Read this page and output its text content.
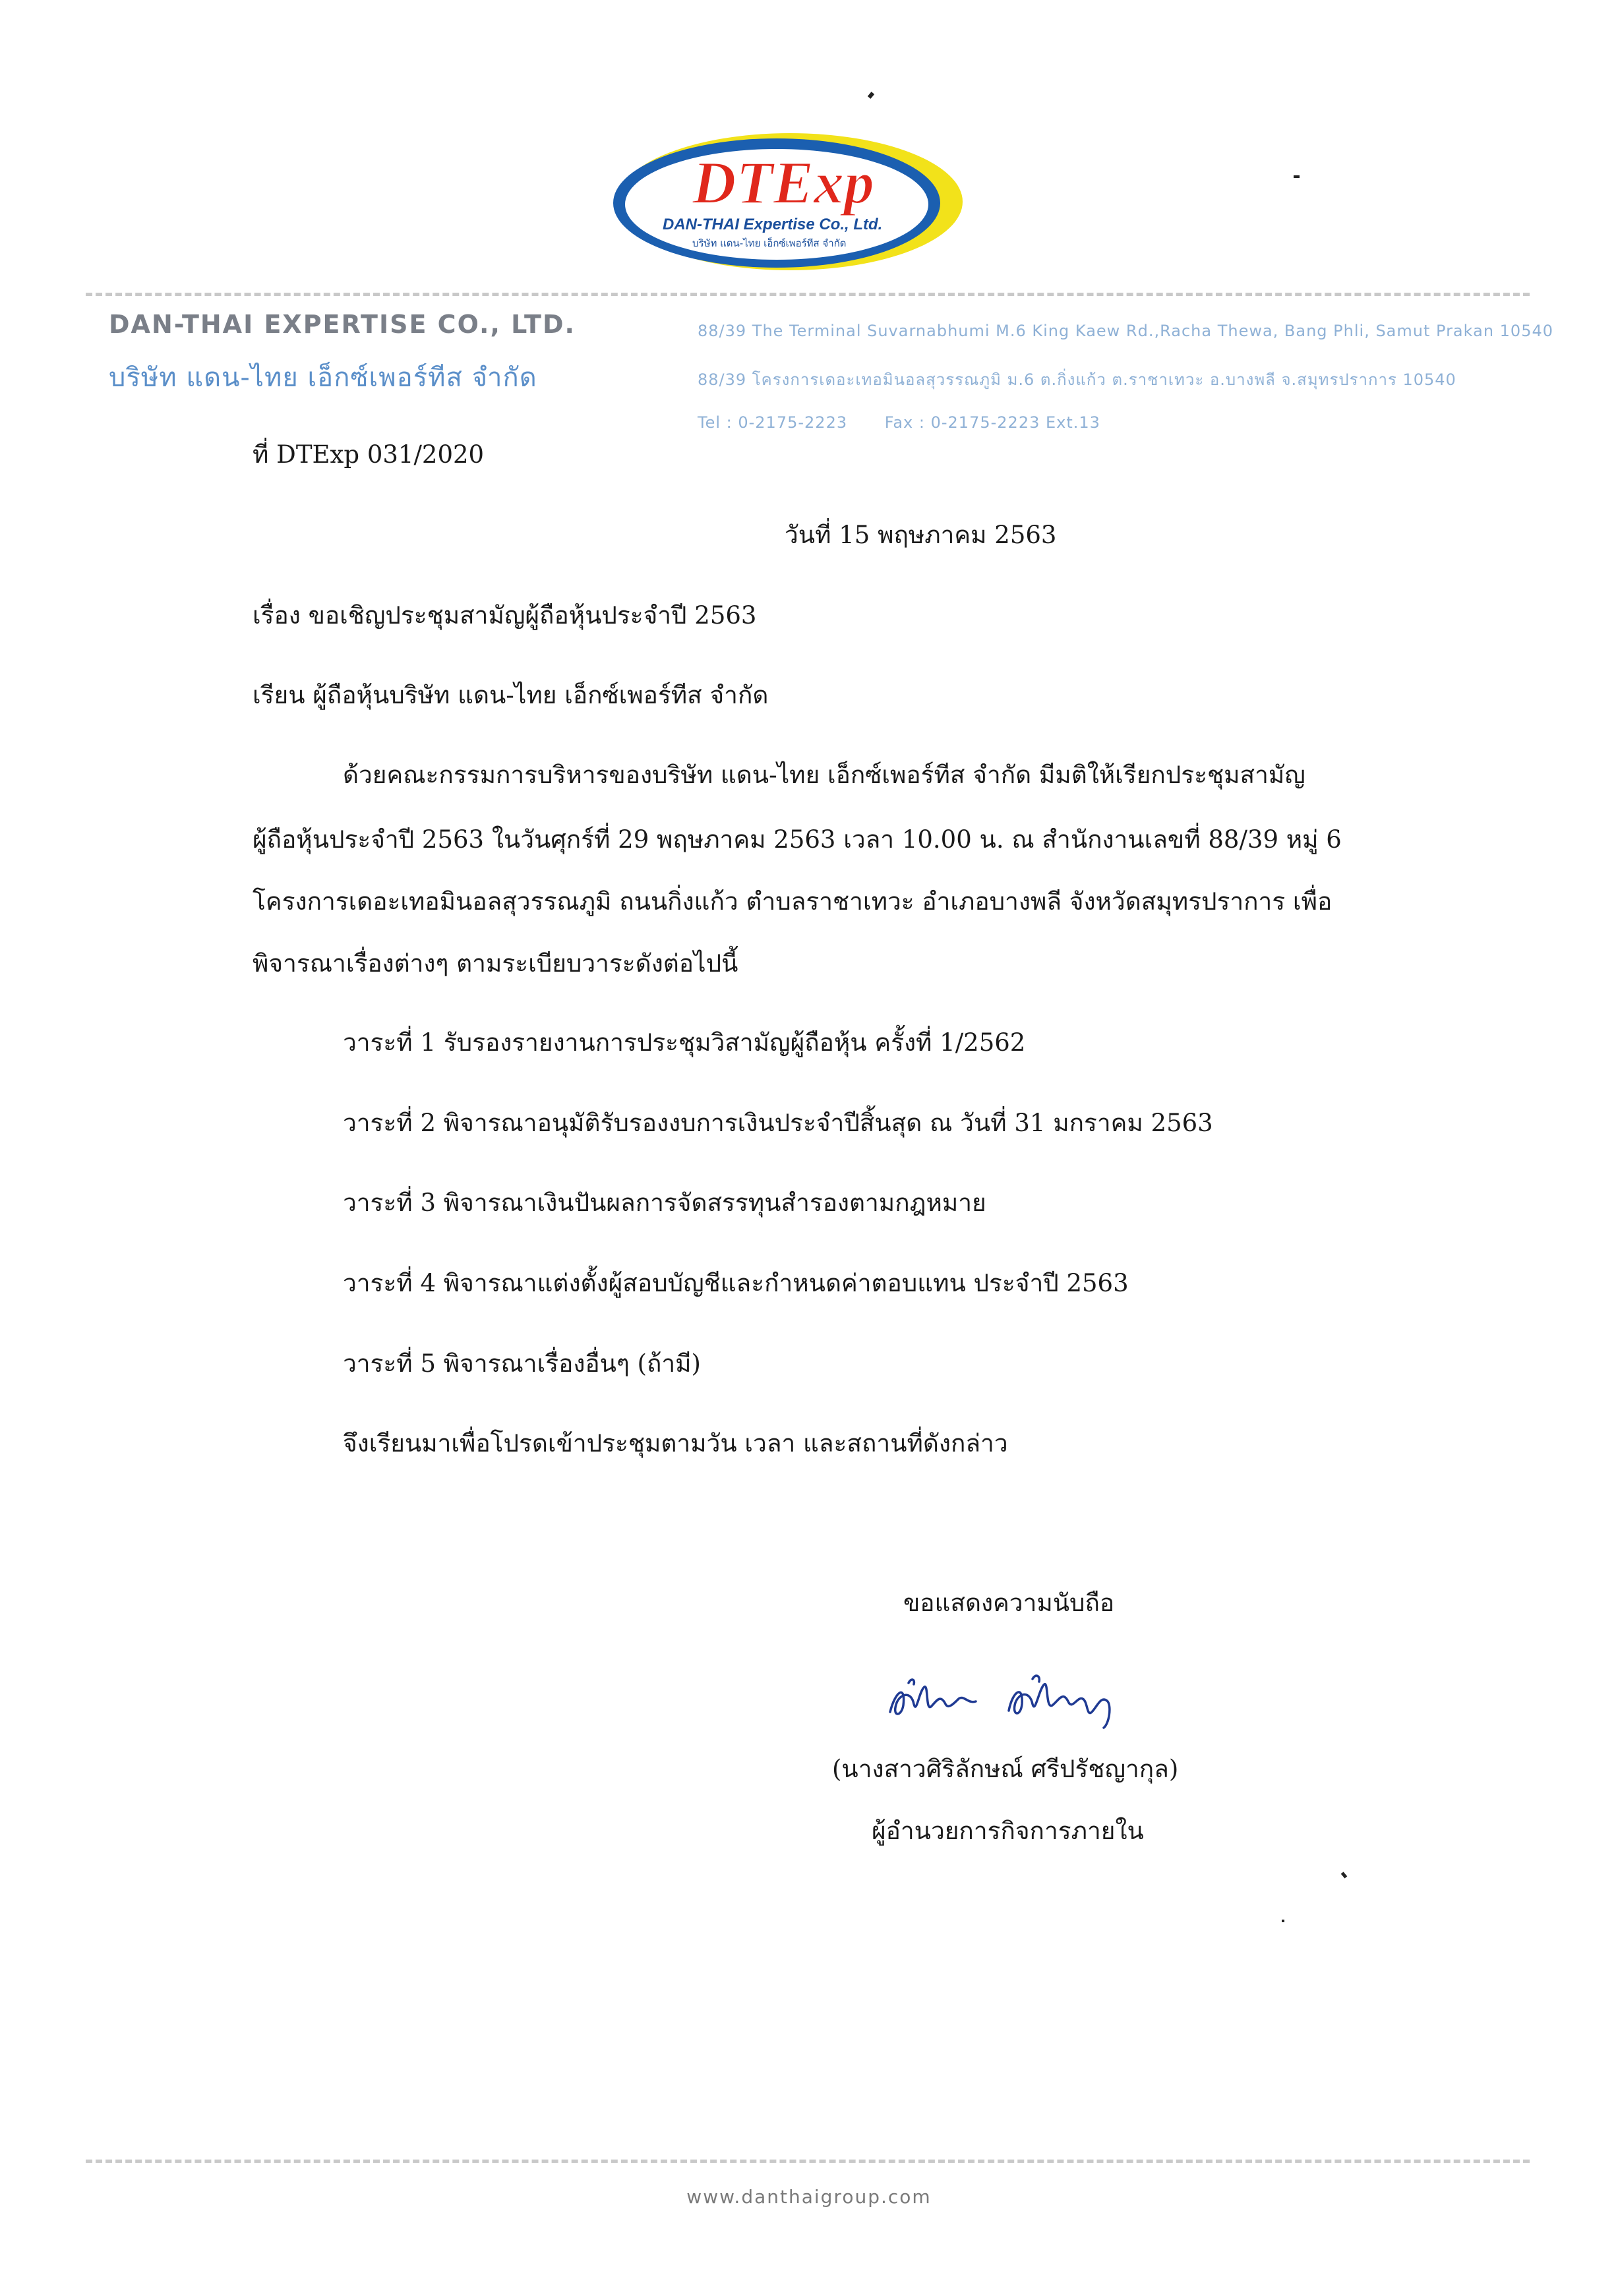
DTExp
DAN-THAI Expertise Co., Ltd.
บริษัท แดน-ไทย เอ็กซ์เพอร์ทีส จำกัด
DAN-THAI EXPERTISE CO., LTD.
บริษัท แดน-ไทย เอ็กซ์เพอร์ทีส จำกัด
88/39 The Terminal Suvarnabhumi M.6 King Kaew Rd.,Racha Thewa, Bang Phli, Samut Prakan 10540
88/39 โครงการเดอะเทอมินอลสุวรรณภูมิ ม.6 ต.กิ่งแก้ว ต.ราชาเทวะ อ.บางพลี จ.สมุทรปราการ 10540
Tel : 0-2175-2223 Fax : 0-2175-2223 Ext.13
ที่ DTExp 031/2020
วันที่ 15 พฤษภาคม 2563
เรื่อง ขอเชิญประชุมสามัญผู้ถือหุ้นประจำปี 2563
เรียน ผู้ถือหุ้นบริษัท แดน-ไทย เอ็กซ์เพอร์ทีส จำกัด
ด้วยคณะกรรมการบริหารของบริษัท แดน-ไทย เอ็กซ์เพอร์ทีส จำกัด มีมติให้เรียกประชุมสามัญ
ผู้ถือหุ้นประจำปี 2563 ในวันศุกร์ที่ 29 พฤษภาคม 2563 เวลา 10.00 น. ณ สำนักงานเลขที่ 88/39 หมู่ 6
โครงการเดอะเทอมินอลสุวรรณภูมิ ถนนกิ่งแก้ว ตำบลราชาเทวะ อำเภอบางพลี จังหวัดสมุทรปราการ เพื่อ
พิจารณาเรื่องต่างๆ ตามระเบียบวาระดังต่อไปนี้
วาระที่ 1 รับรองรายงานการประชุมวิสามัญผู้ถือหุ้น ครั้งที่ 1/2562
วาระที่ 2 พิจารณาอนุมัติรับรองงบการเงินประจำปีสิ้นสุด ณ วันที่ 31 มกราคม 2563
วาระที่ 3 พิจารณาเงินปันผลการจัดสรรทุนสำรองตามกฎหมาย
วาระที่ 4 พิจารณาแต่งตั้งผู้สอบบัญชีและกำหนดค่าตอบแทน ประจำปี 2563
วาระที่ 5 พิจารณาเรื่องอื่นๆ (ถ้ามี)
จึงเรียนมาเพื่อโปรดเข้าประชุมตามวัน เวลา และสถานที่ดังกล่าว
ขอแสดงความนับถือ
(นางสาวศิริลักษณ์ ศรีปรัชญากุล)
ผู้อำนวยการกิจการภายใน
www.danthaigroup.com
